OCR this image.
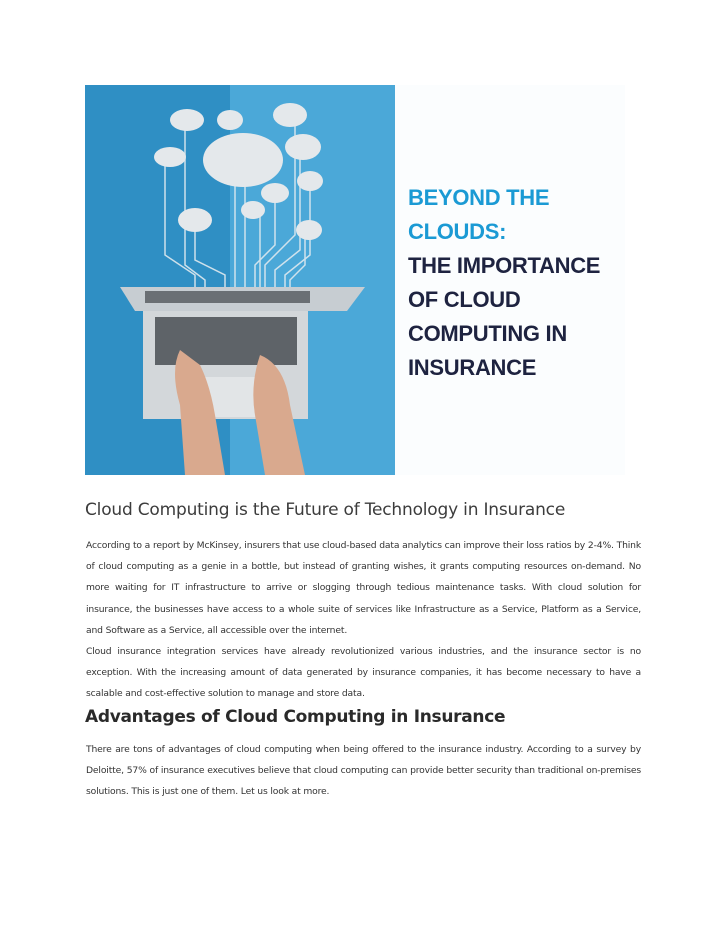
BEYOND THE
CLOUDS:
THE IMPORTANCE
OF CLOUD
COMPUTING IN
INSURANCE
Cloud Computing is the Future of Technology in Insurance

According to a report by McKinsey, insurers that use cloud-based data analytics can improve their loss ratios by 2-4%. Think of cloud computing as a genie in a bottle, but instead of granting wishes, it grants computing resources on-demand. No more waiting for IT infrastructure to arrive or slogging through tedious maintenance tasks. With cloud solution for insurance, the businesses have access to a whole suite of services like Infrastructure as a Service, Platform as a Service, and Software as a Service, all accessible over the internet.

Cloud insurance integration services have already revolutionized various industries, and the insurance sector is no exception. With the increasing amount of data generated by insurance companies, it has become necessary to have a scalable and cost-effective solution to manage and store data.

Advantages of Cloud Computing in Insurance

There are tons of advantages of cloud computing when being offered to the insurance industry. According to a survey by Deloitte, 57% of insurance executives believe that cloud computing can provide better security than traditional on-premises solutions. This is just one of them. Let us look at more.
